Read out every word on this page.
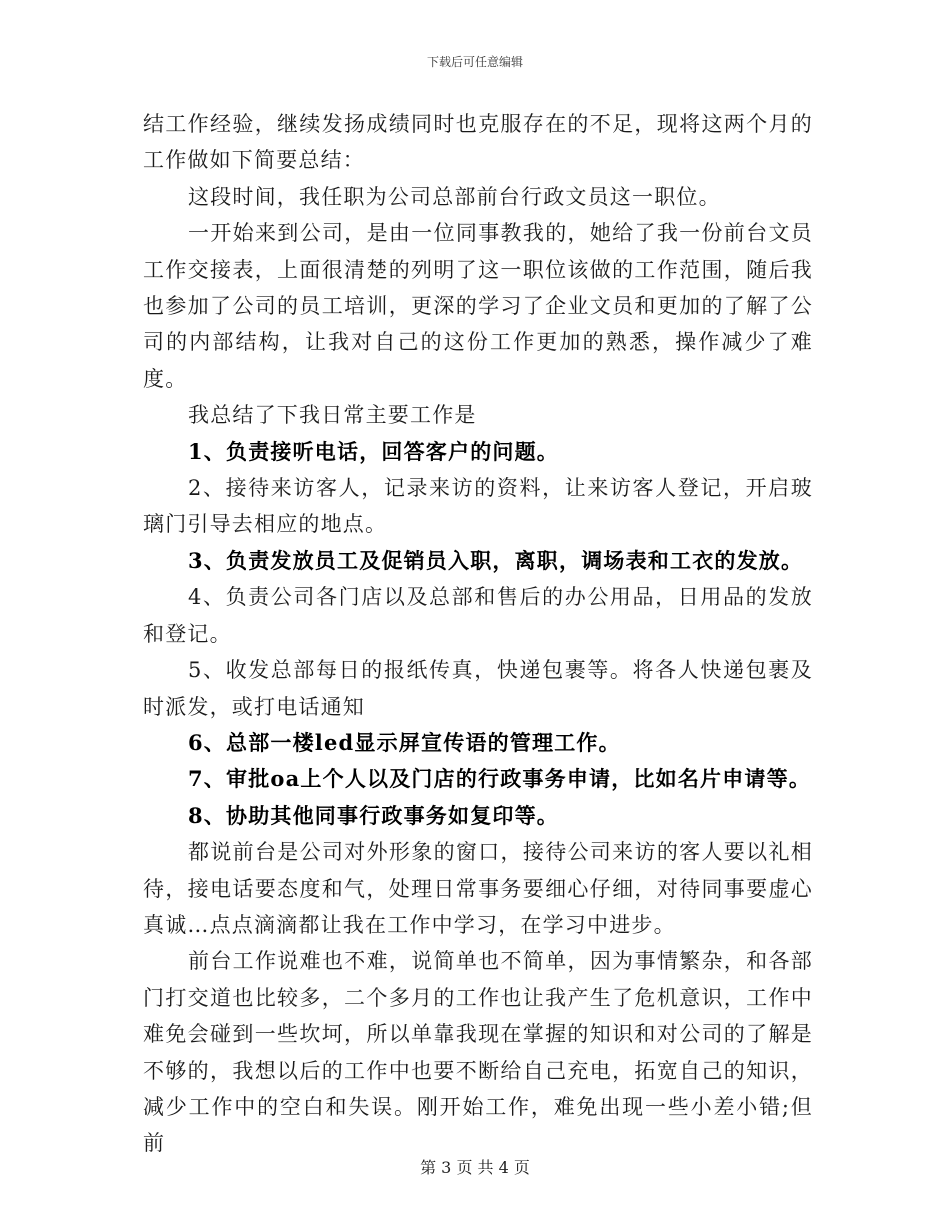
下载后可任意编辑

结工作经验，继续发扬成绩同时也克服存在的不足，现将这两个月的工作做如下简要总结：

这段时间，我任职为公司总部前台行政文员这一职位。

一开始来到公司，是由一位同事教我的，她给了我一份前台文员工作交接表，上面很清楚的列明了这一职位该做的工作范围，随后我也参加了公司的员工培训，更深的学习了企业文员和更加的了解了公司的内部结构，让我对自己的这份工作更加的熟悉，操作减少了难度。

我总结了下我日常主要工作是

1、负责接听电话，回答客户的问题。

2、接待来访客人，记录来访的资料，让来访客人登记，开启玻璃门引导去相应的地点。

3、负责发放员工及促销员入职，离职，调场表和工衣的发放。

4、负责公司各门店以及总部和售后的办公用品，日用品的发放和登记。

5、收发总部每日的报纸传真，快递包裹等。将各人快递包裹及时派发，或打电话通知

6、总部一楼led显示屏宣传语的管理工作。

7、审批oa上个人以及门店的行政事务申请，比如名片申请等。

8、协助其他同事行政事务如复印等。

都说前台是公司对外形象的窗口，接待公司来访的客人要以礼相待，接电话要态度和气，处理日常事务要细心仔细，对待同事要虚心真诚…点点滴滴都让我在工作中学习，在学习中进步。

前台工作说难也不难，说简单也不简单，因为事情繁杂，和各部门打交道也比较多，二个多月的工作也让我产生了危机意识，工作中难免会碰到一些坎坷，所以单靠我现在掌握的知识和对公司的了解是不够的，我想以后的工作中也要不断给自己充电，拓宽自己的知识，减少工作中的空白和失误。刚开始工作，难免出现一些小差小错;但前

第 3 页 共 4 页
